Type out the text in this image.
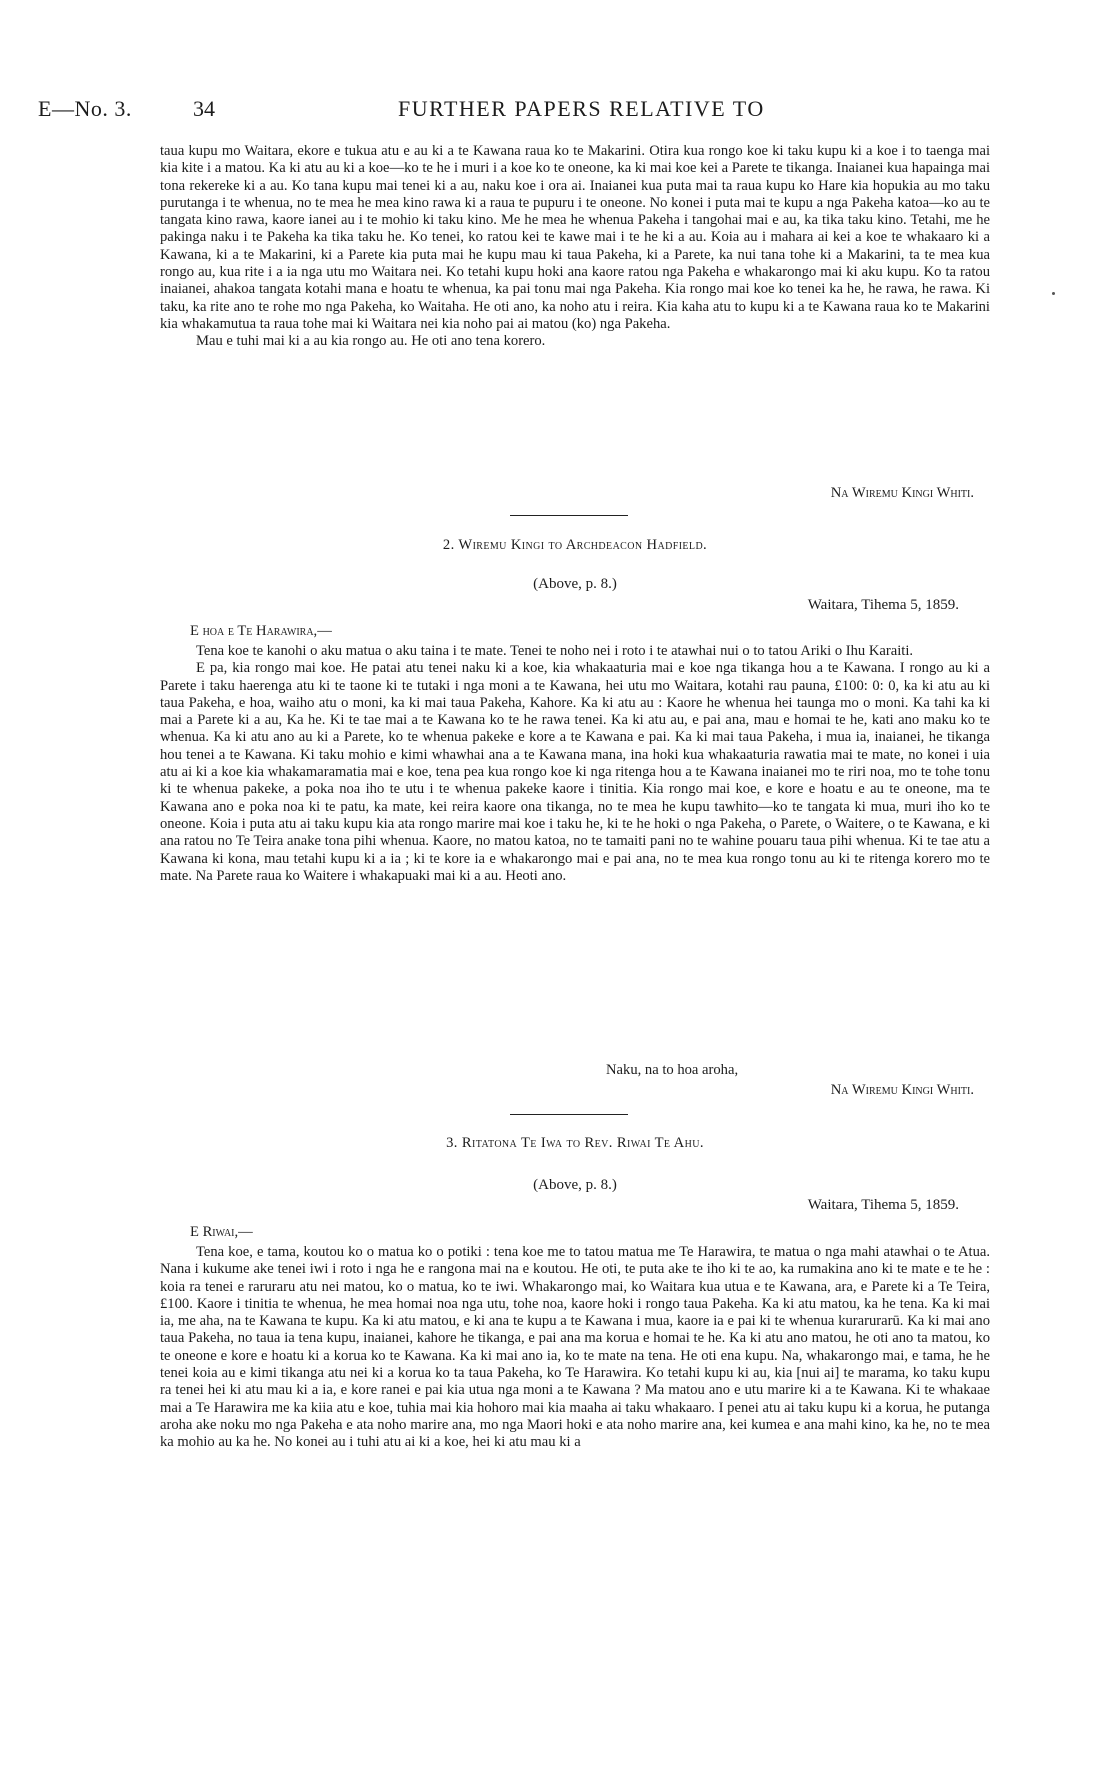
E—No. 3.	34	FURTHER PAPERS RELATIVE TO

taua kupu mo Waitara, ekore e tukua atu e au ki a te Kawana raua ko te Makarini. Otira kua rongo koe ki taku kupu ki a koe i to taenga mai kia kite i a matou. Ka ki atu au ki a koe—ko te he i muri i a koe ko te oneone, ka ki mai koe kei a Parete te tikanga. Inaianei kua hapainga mai tona rekereke ki a au. Ko tana kupu mai tenei ki a au, naku koe i ora ai. Inaianei kua puta mai ta raua kupu ko Hare kia hopukia au mo taku purutanga i te whenua, no te mea he mea kino rawa ki a raua te pupuru i te oneone. No konei i puta mai te kupu a nga Pakeha katoa—ko au te tangata kino rawa, kaore ianei au i te mohio ki taku kino. Me he mea he whenua Pakeha i tangohai mai e au, ka tika taku kino. Tetahi, me he pakinga naku i te Pakeha ka tika taku he. Ko tenei, ko ratou kei te kawe mai i te he ki a au. Koia au i mahara ai kei a koe te whakaaro ki a Kawana, ki a te Makarini, ki a Parete kia puta mai he kupu mau ki taua Pakeha, ki a Parete, ka nui tana tohe ki a Makarini, ta te mea kua rongo au, kua rite i a ia nga utu mo Waitara nei. Ko tetahi kupu hoki ana kaore ratou nga Pakeha e whakarongo mai ki aku kupu. Ko ta ratou inaianei, ahakoa tangata kotahi mana e hoatu te whenua, ka pai tonu mai nga Pakeha. Kia rongo mai koe ko tenei ka he, he rawa, he rawa. Ki taku, ka rite ano te rohe mo nga Pakeha, ko Waitaha. He oti ano, ka noho atu i reira. Kia kaha atu to kupu ki a te Kawana raua ko te Makarini kia whakamutua ta raua tohe mai ki Waitara nei kia noho pai ai matou (ko) nga Pakeha.

Mau e tuhi mai ki a au kia rongo au. He oti ano tena korero.

Na Wiremu Kingi Whiti.
2. Wiremu Kingi to Archdeacon Hadfield.
(Above, p. 8.)
Waitara, Tihema 5, 1859.
E hoa e Te Harawira,—

Tena koe te kanohi o aku matua o aku taina i te mate. Tenei te noho nei i roto i te atawhai nui o to tatou Ariki o Ihu Karaiti.

E pa, kia rongo mai koe. He patai atu tenei naku ki a koe, kia whakaaturia mai e koe nga tikanga hou a te Kawana. I rongo au ki a Parete i taku haerenga atu ki te taone ki te tutaki i nga moni a te Kawana, hei utu mo Waitara, kotahi rau pauna, £100: 0: 0, ka ki atu au ki taua Pakeha, e hoa, waiho atu o moni, ka ki mai taua Pakeha, Kahore. Ka ki atu au : Kaore he whenua hei taunga mo o moni. Ka tahi ka ki mai a Parete ki a au, Ka he. Ki te tae mai a te Kawana ko te he rawa tenei. Ka ki atu au, e pai ana, mau e homai te he, kati ano maku ko te whenua. Ka ki atu ano au ki a Parete, ko te whenua pakeke e kore a te Kawana e pai. Ka ki mai taua Pakeha, i mua ia, inaianei, he tikanga hou tenei a te Kawana. Ki taku mohio e kimi whawhai ana a te Kawana mana, ina hoki kua whakaaturia rawatia mai te mate, no konei i uia atu ai ki a koe kia whakamaramatia mai e koe, tena pea kua rongo koe ki nga ritenga hou a te Kawana inaianei mo te riri noa, mo te tohe tonu ki te whenua pakeke, a poka noa iho te utu i te whenua pakeke kaore i tinitia. Kia rongo mai koe, e kore e hoatu e au te oneone, ma te Kawana ano e poka noa ki te patu, ka mate, kei reira kaore ona tikanga, no te mea he kupu tawhito—ko te tangata ki mua, muri iho ko te oneone. Koia i puta atu ai taku kupu kia ata rongo marire mai koe i taku he, ki te he hoki o nga Pakeha, o Parete, o Waitere, o te Kawana, e ki ana ratou no Te Teira anake tona pihi whenua. Kaore, no matou katoa, no te tamaiti pani no te wahine pouaru taua pihi whenua. Ki te tae atu a Kawana ki kona, mau tetahi kupu ki a ia ; ki te kore ia e whakarongo mai e pai ana, no te mea kua rongo tonu au ki te ritenga korero mo te mate. Na Parete raua ko Waitere i whakapuaki mai ki a au. Heoti ano.

Naku, na to hoa aroha,
Na Wiremu Kingi Whiti.
3. Ritatona Te Iwa to Rev. Riwai Te Ahu.
(Above, p. 8.)
Waitara, Tihema 5, 1859.
E Riwai,—

Tena koe, e tama, koutou ko o matua ko o potiki : tena koe me to tatou matua me Te Harawira, te matua o nga mahi atawhai o te Atua. Nana i kukume ake tenei iwi i roto i nga he e rangona mai na e koutou. He oti, te puta ake te iho ki te ao, ka rumakina ano ki te mate e te he : koia ra tenei e raruraru atu nei matou, ko o matua, ko te iwi. Whakarongo mai, ko Waitara kua utua e te Kawana, ara, e Parete ki a Te Teira, £100. Kaore i tinitia te whenua, he mea homai noa nga utu, tohe noa, kaore hoki i rongo taua Pakeha. Ka ki atu matou, ka he tena. Ka ki mai ia, me aha, na te Kawana te kupu. Ka ki atu matou, e ki ana te kupu a te Kawana i mua, kaore ia e pai ki te whenua kurarurarū. Ka ki mai ano taua Pakeha, no taua ia tena kupu, inaianei, kahore he tikanga, e pai ana ma korua e homai te he. Ka ki atu ano matou, he oti ano ta matou, ko te oneone e kore e hoatu ki a korua ko te Kawana. Ka ki mai ano ia, ko te mate na tena. He oti ena kupu. Na, whakarongo mai, e tama, he he tenei koia au e kimi tikanga atu nei ki a korua ko ta taua Pakeha, ko Te Harawira. Ko tetahi kupu ki au, kia [nui ai] te marama, ko taku kupu ra tenei hei ki atu mau ki a ia, e kore ranei e pai kia utua nga moni a te Kawana ? Ma matou ano e utu marire ki a te Kawana. Ki te whakaae mai a Te Harawira me ka kiia atu e koe, tuhia mai kia hohoro mai kia maaha ai taku whakaaro. I penei atu ai taku kupu ki a korua, he putanga aroha ake noku mo nga Pakeha e ata noho marire ana, mo nga Maori hoki e ata noho marire ana, kei kumea e ana mahi kino, ka he, no te mea ka mohio au ka he. No konei au i tuhi atu ai ki a koe, hei ki atu mau ki a
